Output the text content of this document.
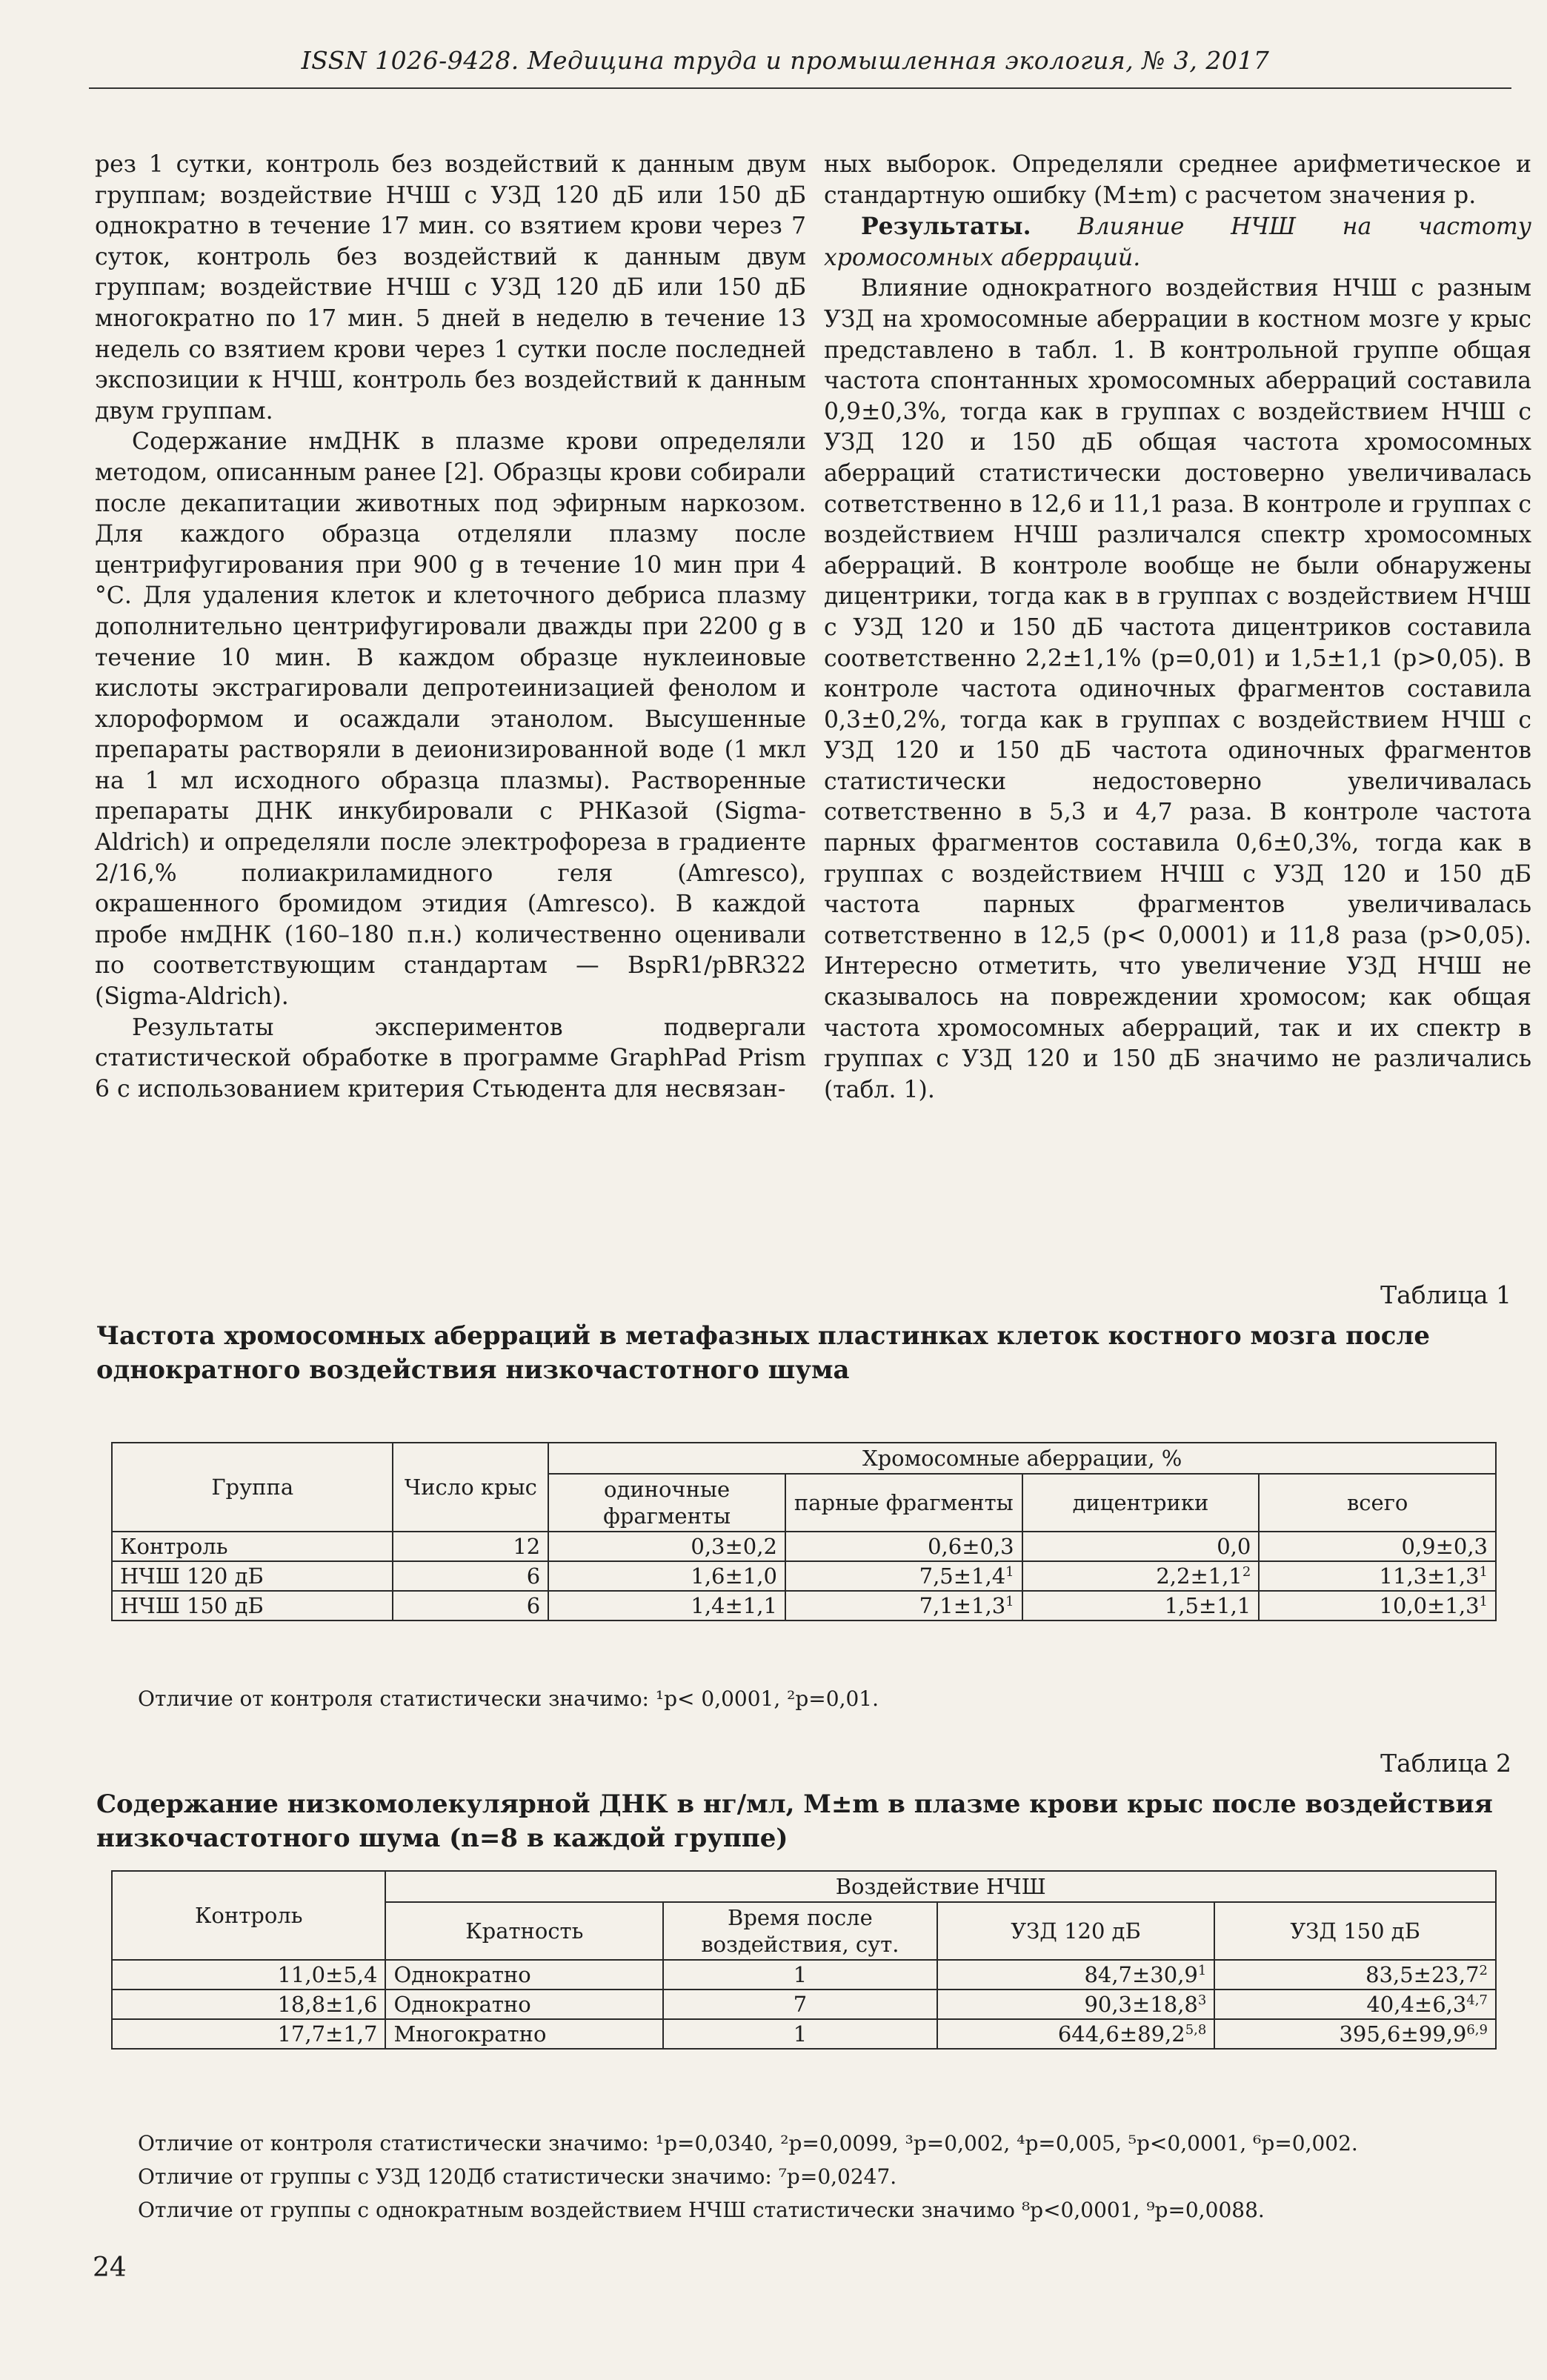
ISSN 1026-9428. Медицина труда и промышленная экология, № 3, 2017

рез 1 сутки, контроль без воздействий к данным двум группам; воздействие НЧШ с УЗД 120 дБ или 150 дБ однократно в течение 17 мин. со взятием крови через 7 суток, контроль без воздействий к данным двум группам; воздействие НЧШ с УЗД 120 дБ или 150 дБ многократно по 17 мин. 5 дней в неделю в течение 13 недель со взятием крови через 1 сутки после последней экспозиции к НЧШ, контроль без воздействий к данным двум группам.

Содержание нмДНК в плазме крови определяли методом, описанным ранее [2]. Образцы крови собирали после декапитации животных под эфирным наркозом. Для каждого образца отделяли плазму после центрифугирования при 900 g в течение 10 мин при 4 °С. Для удаления клеток и клеточного дебриса плазму дополнительно центрифугировали дважды при 2200 g в течение 10 мин. В каждом образце нуклеиновые кислоты экстрагировали депротеинизацией фенолом и хлороформом и осаждали этанолом. Высушенные препараты растворяли в деионизированной воде (1 мкл на 1 мл исходного образца плазмы). Растворенные препараты ДНК инкубировали с РНКазой (Sigma-Aldrich) и определяли после электрофореза в градиенте 2/16,% полиакриламидного геля (Amresco), окрашенного бромидом этидия (Amresco). В каждой пробе нмДНК (160–180 п.н.) количественно оценивали по соответствующим стандартам — BspR1/pBR322 (Sigma-Aldrich).

Результаты экспериментов подвергали статистической обработке в программе GraphPad Prism 6 с использованием критерия Стьюдента для несвязан-

ных выборок. Определяли среднее арифметическое и стандартную ошибку (M±m) с расчетом значения p.

Результаты. Влияние НЧШ на частоту хромосомных аберраций.

Влияние однократного воздействия НЧШ с разным УЗД на хромосомные аберрации в костном мозге у крыс представлено в табл. 1. В контрольной группе общая частота спонтанных хромосомных аберраций составила 0,9±0,3%, тогда как в группах с воздействием НЧШ с УЗД 120 и 150 дБ общая частота хромосомных аберраций статистически достоверно увеличивалась сответственно в 12,6 и 11,1 раза. В контроле и группах с воздействием НЧШ различался спектр хромосомных аберраций. В контроле вообще не были обнаружены дицентрики, тогда как в в группах с воздействием НЧШ с УЗД 120 и 150 дБ частота дицентриков составила соответственно 2,2±1,1% (p=0,01) и 1,5±1,1 (p>0,05). В контроле частота одиночных фрагментов составила 0,3±0,2%, тогда как в группах с воздействием НЧШ с УЗД 120 и 150 дБ частота одиночных фрагментов статистически недостоверно увеличивалась сответственно в 5,3 и 4,7 раза. В контроле частота парных фрагментов составила 0,6±0,3%, тогда как в группах с воздействием НЧШ с УЗД 120 и 150 дБ частота парных фрагментов увеличивалась сответственно в 12,5 (p< 0,0001) и 11,8 раза (p>0,05). Интересно отметить, что увеличение УЗД НЧШ не сказывалось на повреждении хромосом; как общая частота хромосомных аберраций, так и их спектр в группах с УЗД 120 и 150 дБ значимо не различались (табл. 1).

Таблица 1
Частота хромосомных аберраций в метафазных пластинках клеток костного мозга после однократного воздействия низкочастотного шума
Группа	Число крыс	Хромосомные аберрации, %			
		одиночные фрагменты	парные фрагменты	дицентрики	всего
Контроль	12	0,3±0,2	0,6±0,3	0,0	0,9±0,3
НЧШ 120 дБ	6	1,6±1,0	$7,5\pm 1,4^1$	$2,2\pm 1,1^2$	$11,3\pm 1,3^1$
НЧШ 150 дБ	6	1,4±1,1	$7,1\pm 1,3^1$	1,5±1,1	$10,0\pm 1,3^1$
Отличие от контроля статистически значимо: ¹p< 0,0001, ²p=0,01.
Таблица 2
Содержание низкомолекулярной ДНК в нг/мл, M±m в плазме крови крыс после воздействия низкочастотного шума (n=8 в каждой группе)
Контроль	Воздействие НЧШ			
	Кратность	Время после воздействия, сут.	УЗД 120 дБ	УЗД 150 дБ
11,0±5,4	Однократно	1	$84,7\pm 30,9^1$	$83,5\pm 23,7^2$
18,8±1,6	Однократно	7	$90,3\pm 18,8^3$	$40,4\pm 6,3^{4,7}$
17,7±1,7	Многократно	1	$644,6\pm 89,2^{5,8}$	$395,6\pm 99,9^{6,9}$
Отличие от контроля статистически значимо: ¹p=0,0340, ²p=0,0099, ³p=0,002, ⁴p=0,005, ⁵p<0,0001, ⁶p=0,002.
Отличие от группы с УЗД 120Дб статистически значимо: ⁷p=0,0247.
Отличие от группы с однократным воздействием НЧШ статистически значимо ⁸p<0,0001, ⁹p=0,0088.
24
